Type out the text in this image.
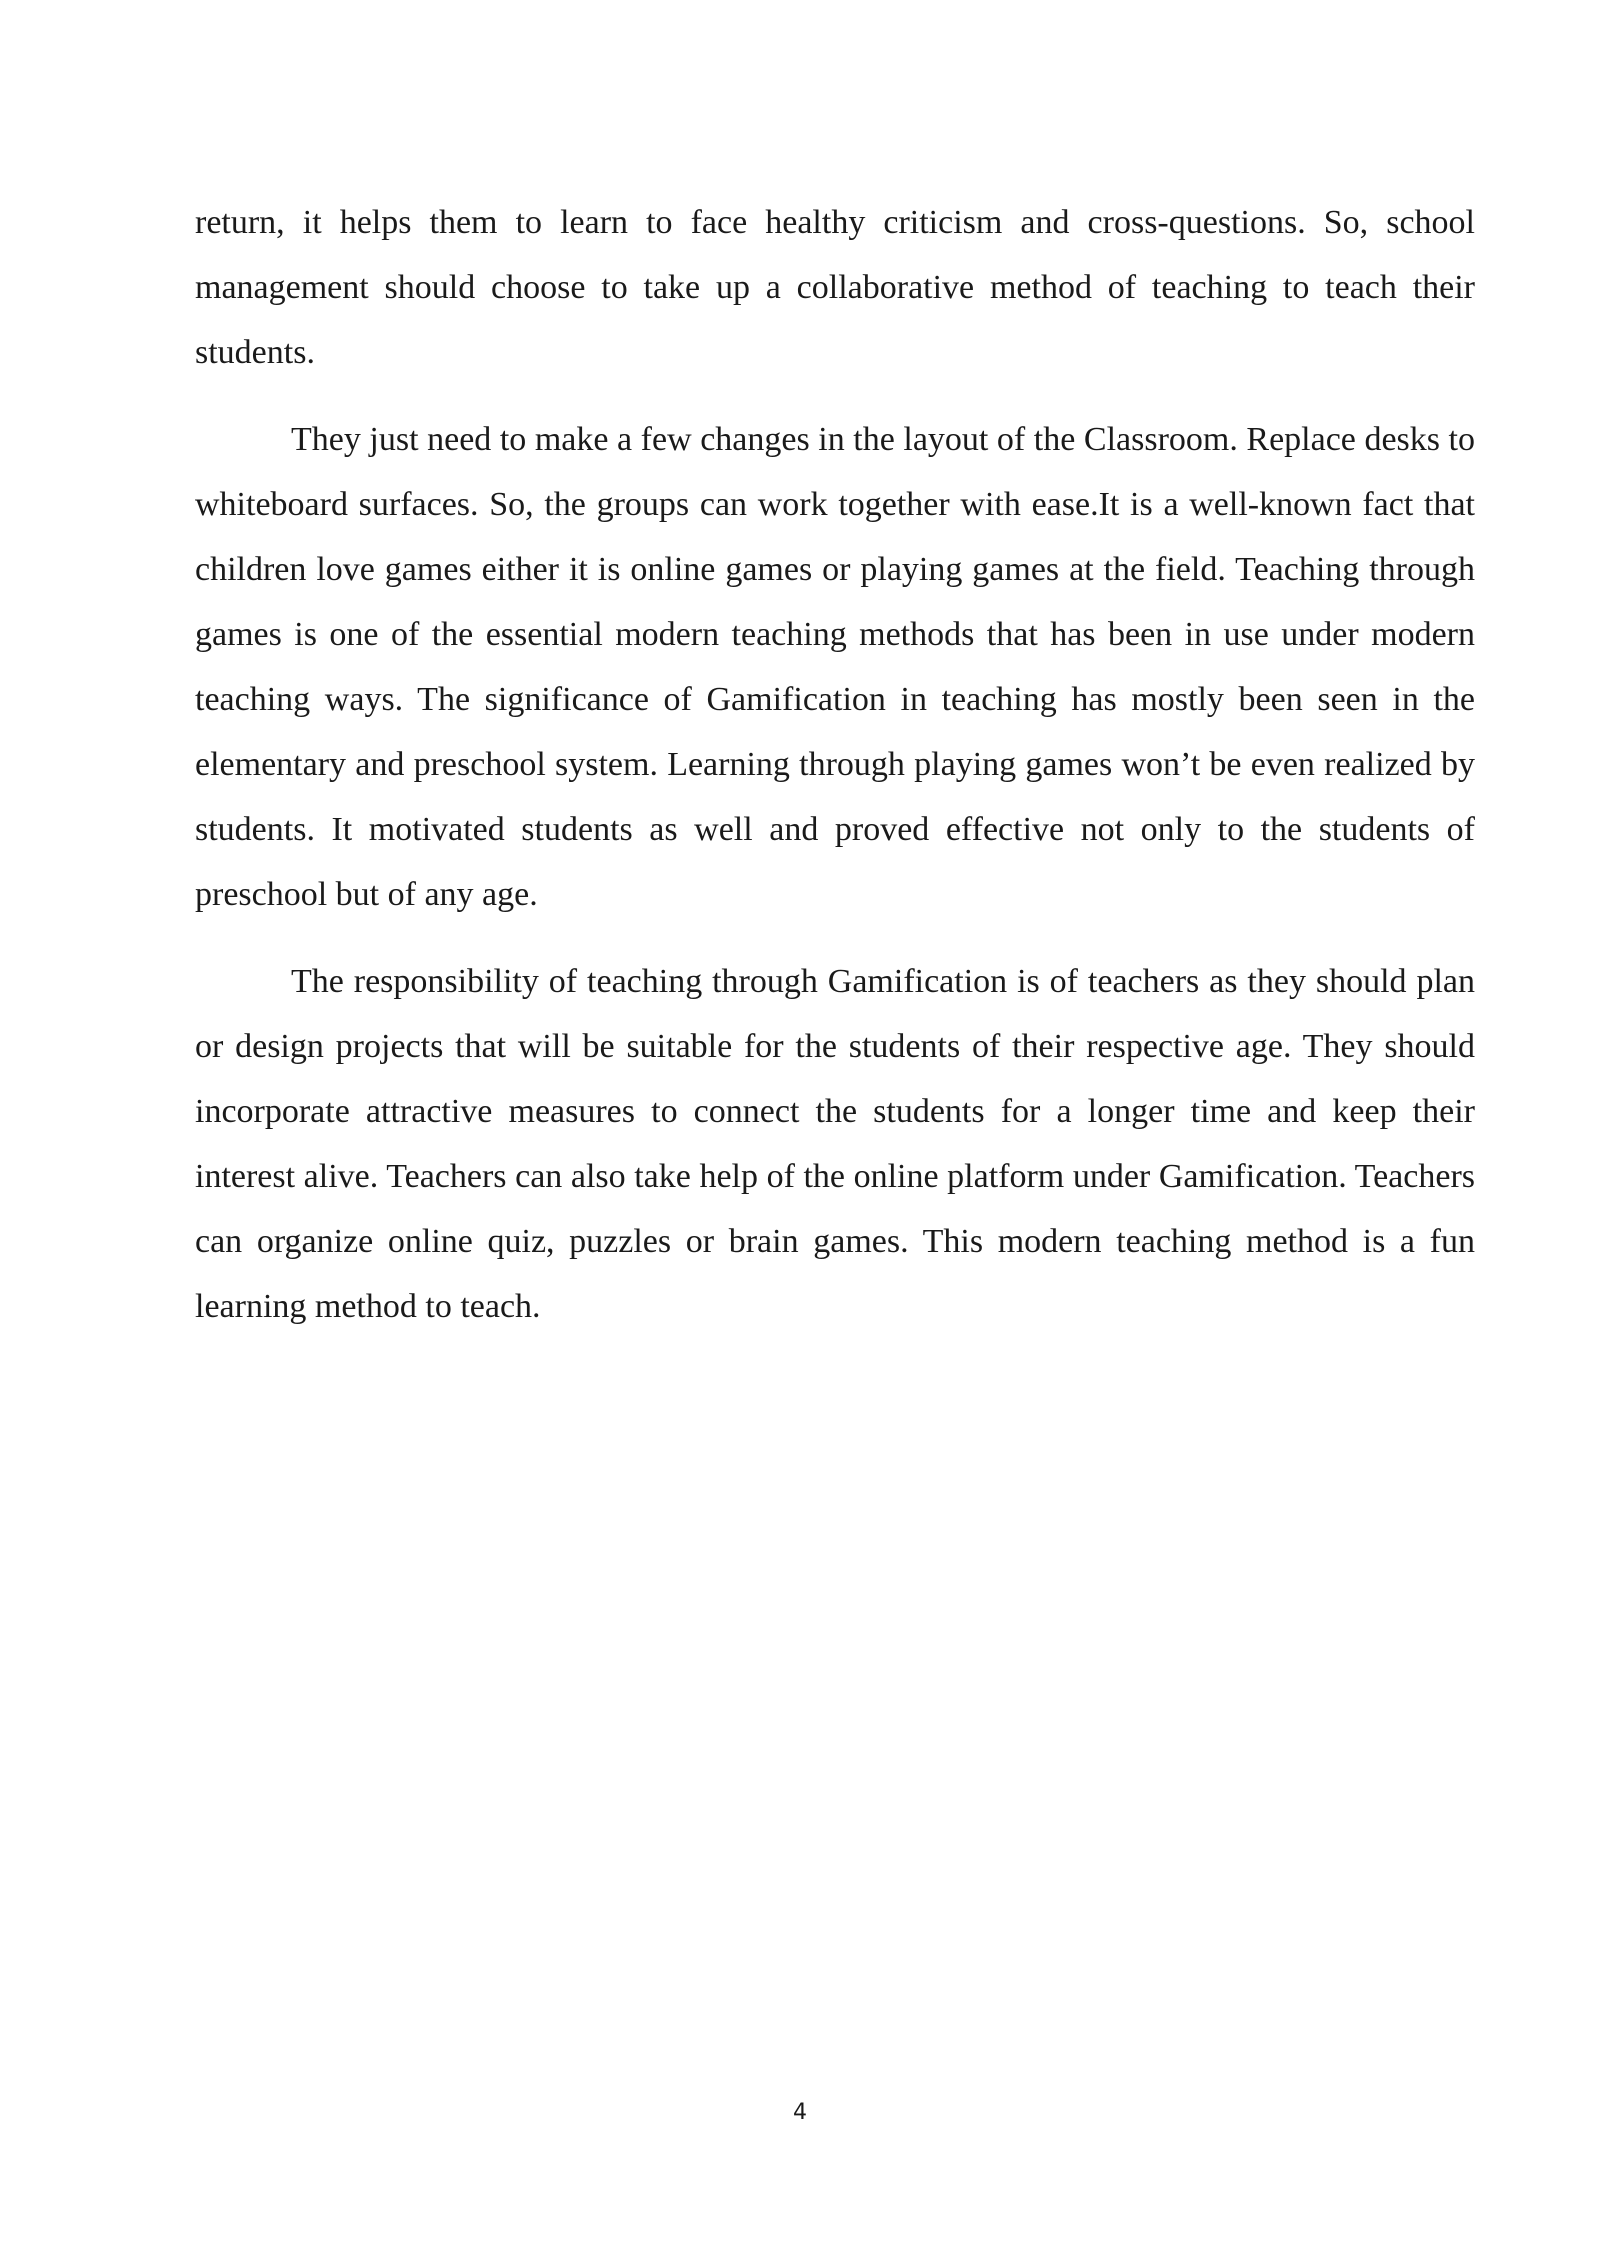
return, it helps them to learn to face healthy criticism and cross-questions. So, school management should choose to take up a collaborative method of teaching to teach their students.

They just need to make a few changes in the layout of the Classroom. Replace desks to whiteboard surfaces. So, the groups can work together with ease.It is a well-known fact that children love games either it is online games or playing games at the field. Teaching through games is one of the essential modern teaching methods that has been in use under modern teaching ways. The significance of Gamification in teaching has mostly been seen in the elementary and preschool system. Learning through playing games won’t be even realized by students. It motivated students as well and proved effective not only to the students of preschool but of any age.

The responsibility of teaching through Gamification is of teachers as they should plan or design projects that will be suitable for the students of their respective age. They should incorporate attractive measures to connect the students for a longer time and keep their interest alive. Teachers can also take help of the online platform under Gamification. Teachers can organize online quiz, puzzles or brain games. This modern teaching method is a fun learning method to teach.

4
